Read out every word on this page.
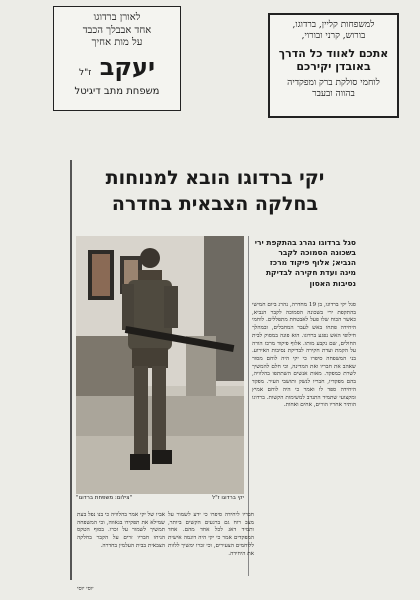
לאורן ברדוגו
אחד אבבלך הכבד
על מות אחיך
יעקב ז"ל
משפחת מתב דיגיטל
למשפחות קליין, ברדוגו,
בורוש, קרני ובורוי,
אתכם לאווד כל הדרך
באובדן יקירכם
לוחמי סולקת ברק ומפקדיה
בהווה ובעבר
יקי ברדוגו הובא למנוחות
בחלקה הצבאית בחדרה
יקי ברדוגו ז"ל
"צילום: משפחת ברדוגו"
סגל ברדוגו נהרג בהתקפת ירי בשכונה הסמוכה לקבר הנביא; אלוף פיקוד מרכז מינה ועדת חקירה לבדיקת נסיבות האסון
סגל יקי ברדוגו, בן 19 מחדרה, נהרג ביום חמישי בהתקפת ירי בשכונה הסמוכה לקבר הנביא, כאשר הכוח שלו פעל לאבטחת מתפללים. לוחמי היחידה פתחו באש לעבר המחבלים, ובמהלך חילופי האש נפגע ברדוגו. הוא פונה במסוק לבית החולים, שם נקבע מותו. אלוף פיקוד מרכז הורה על הקמת ועדת חקירה לבדיקת נסיבות האירוע. בני המשפחה סיפרו כי יקי היה לוחם מסור שאהב את חבריו ואת המדינה, וכי חלם להמשיך לשרת כמפקד. מאות אנשים השתתפו בהלוויה, בהם מפקדיו, חבריו לנשק ותושבי העיר. מפקד היחידה ספד לו ואמר כי היה לוחם אמיץ ומקצועי שתמיד התנדב למשימות הקשות. ברדוגו הותיר אחריו הורים, אחים ואחות.
חבריו ליחידה סיפרו כי ידע לשמור על מצב רוח גם ברגעים הקשים ביותר, ותמיד דאג לכל אחד מהם. אחד המפקדים אמר כי יקי היה דוגמה אישית ללוחמים הצעירים, וכי זכרו ימשיך ללוות את היחידה.
אביו של יקי אמר בהלוויה כי בנו נפל בעת שמילא את תפקידו בגאווה, וכי המשפחה תמשיך לשמור על זכרו. בסוף הטקס הניחו חבריו זרים על הקבר בחלקה הצבאית בבית העלמין בחדרה.
יוסי יוסי
